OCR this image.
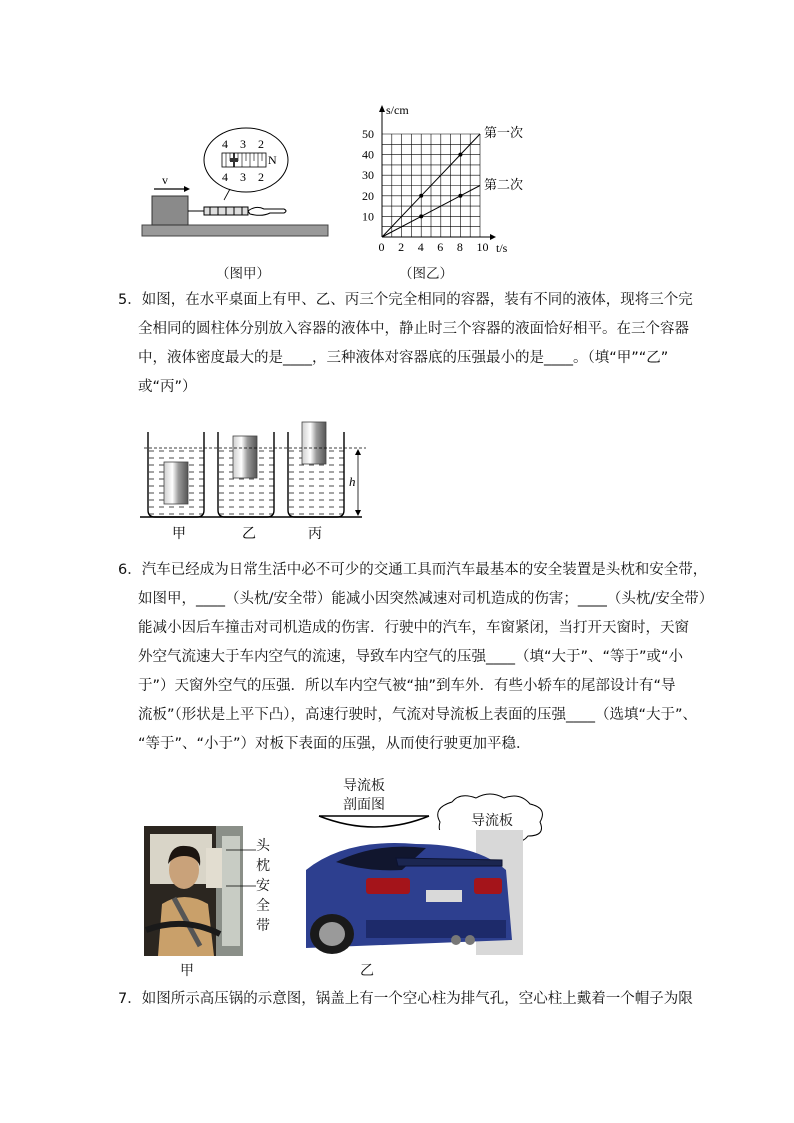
4 3 2
4 3 2
N
v
（图甲）
0 2 4 6 8 10
10
20
30
40
50
s/cm
t/s
第一次
第二次
（图乙）
5．如图，在水平桌面上有甲、乙、丙三个完全相同的容器，装有不同的液体，现将三个完
全相同的圆柱体分别放入容器的液体中，静止时三个容器的液面恰好相平。在三个容器
中，液体密度最大的是____，三种液体对容器底的压强最小的是____。（填“甲”“乙”
或“丙”）
h
甲	乙	丙
6．汽车已经成为日常生活中必不可少的交通工具而汽车最基本的安全装置是头枕和安全带，
如图甲，____（头枕/安全带）能减小因突然减速对司机造成的伤害；____（头枕/安全带）
能减小因后车撞击对司机造成的伤害．行驶中的汽车，车窗紧闭，当打开天窗时，天窗
外空气流速大于车内空气的流速，导致车内空气的压强____（填“大于”、“等于”或“小
于”）天窗外空气的压强．所以车内空气被“抽”到车外．有些小轿车的尾部设计有“导
流板”（形状是上平下凸），高速行驶时，气流对导流板上表面的压强____（选填“大于”、
“等于”、“小于”）对板下表面的压强，从而使行驶更加平稳．
头
枕
安
全
带
甲
导流板
剖面图
导流板
乙
7．如图所示高压锅的示意图，锅盖上有一个空心柱为排气孔，空心柱上戴着一个帽子为限
